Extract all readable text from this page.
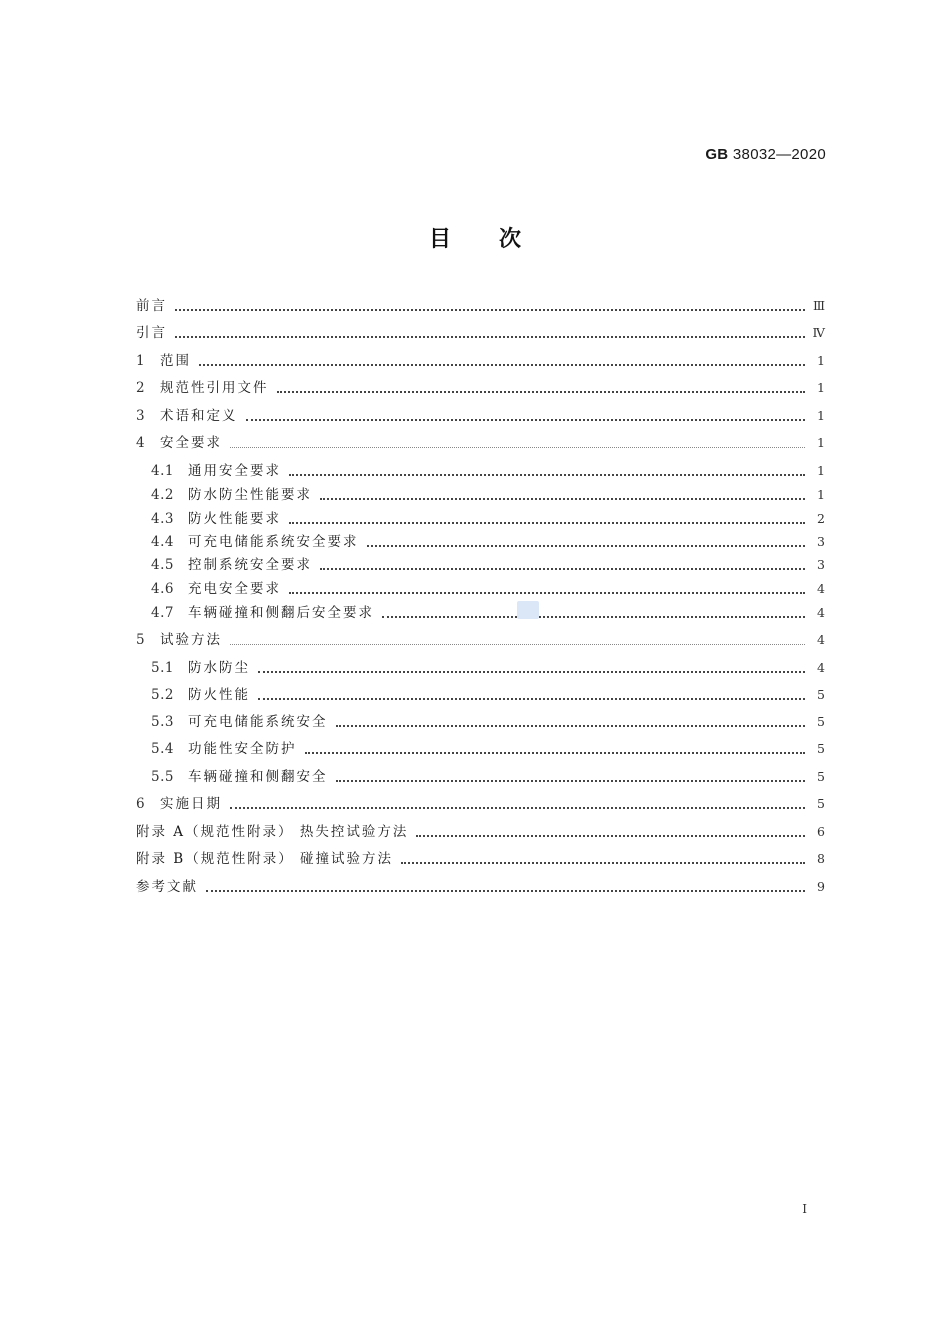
GB 38032—2020
目次
前言	Ⅲ
引言	Ⅳ
1	范围	1
2	规范性引用文件	1
3	术语和定义	1
4	安全要求	1
4.1	通用安全要求	1
4.2	防水防尘性能要求	1
4.3	防火性能要求	2
4.4	可充电储能系统安全要求	3
4.5	控制系统安全要求	3
4.6	充电安全要求	4
4.7	车辆碰撞和侧翻后安全要求	4
5	试验方法	4
5.1	防水防尘	4
5.2	防火性能	5
5.3	可充电储能系统安全	5
5.4	功能性安全防护	5
5.5	车辆碰撞和侧翻安全	5
6	实施日期	5
附录 A（规范性附录） 热失控试验方法	6
附录 B（规范性附录） 碰撞试验方法	8
参考文献	9
I
